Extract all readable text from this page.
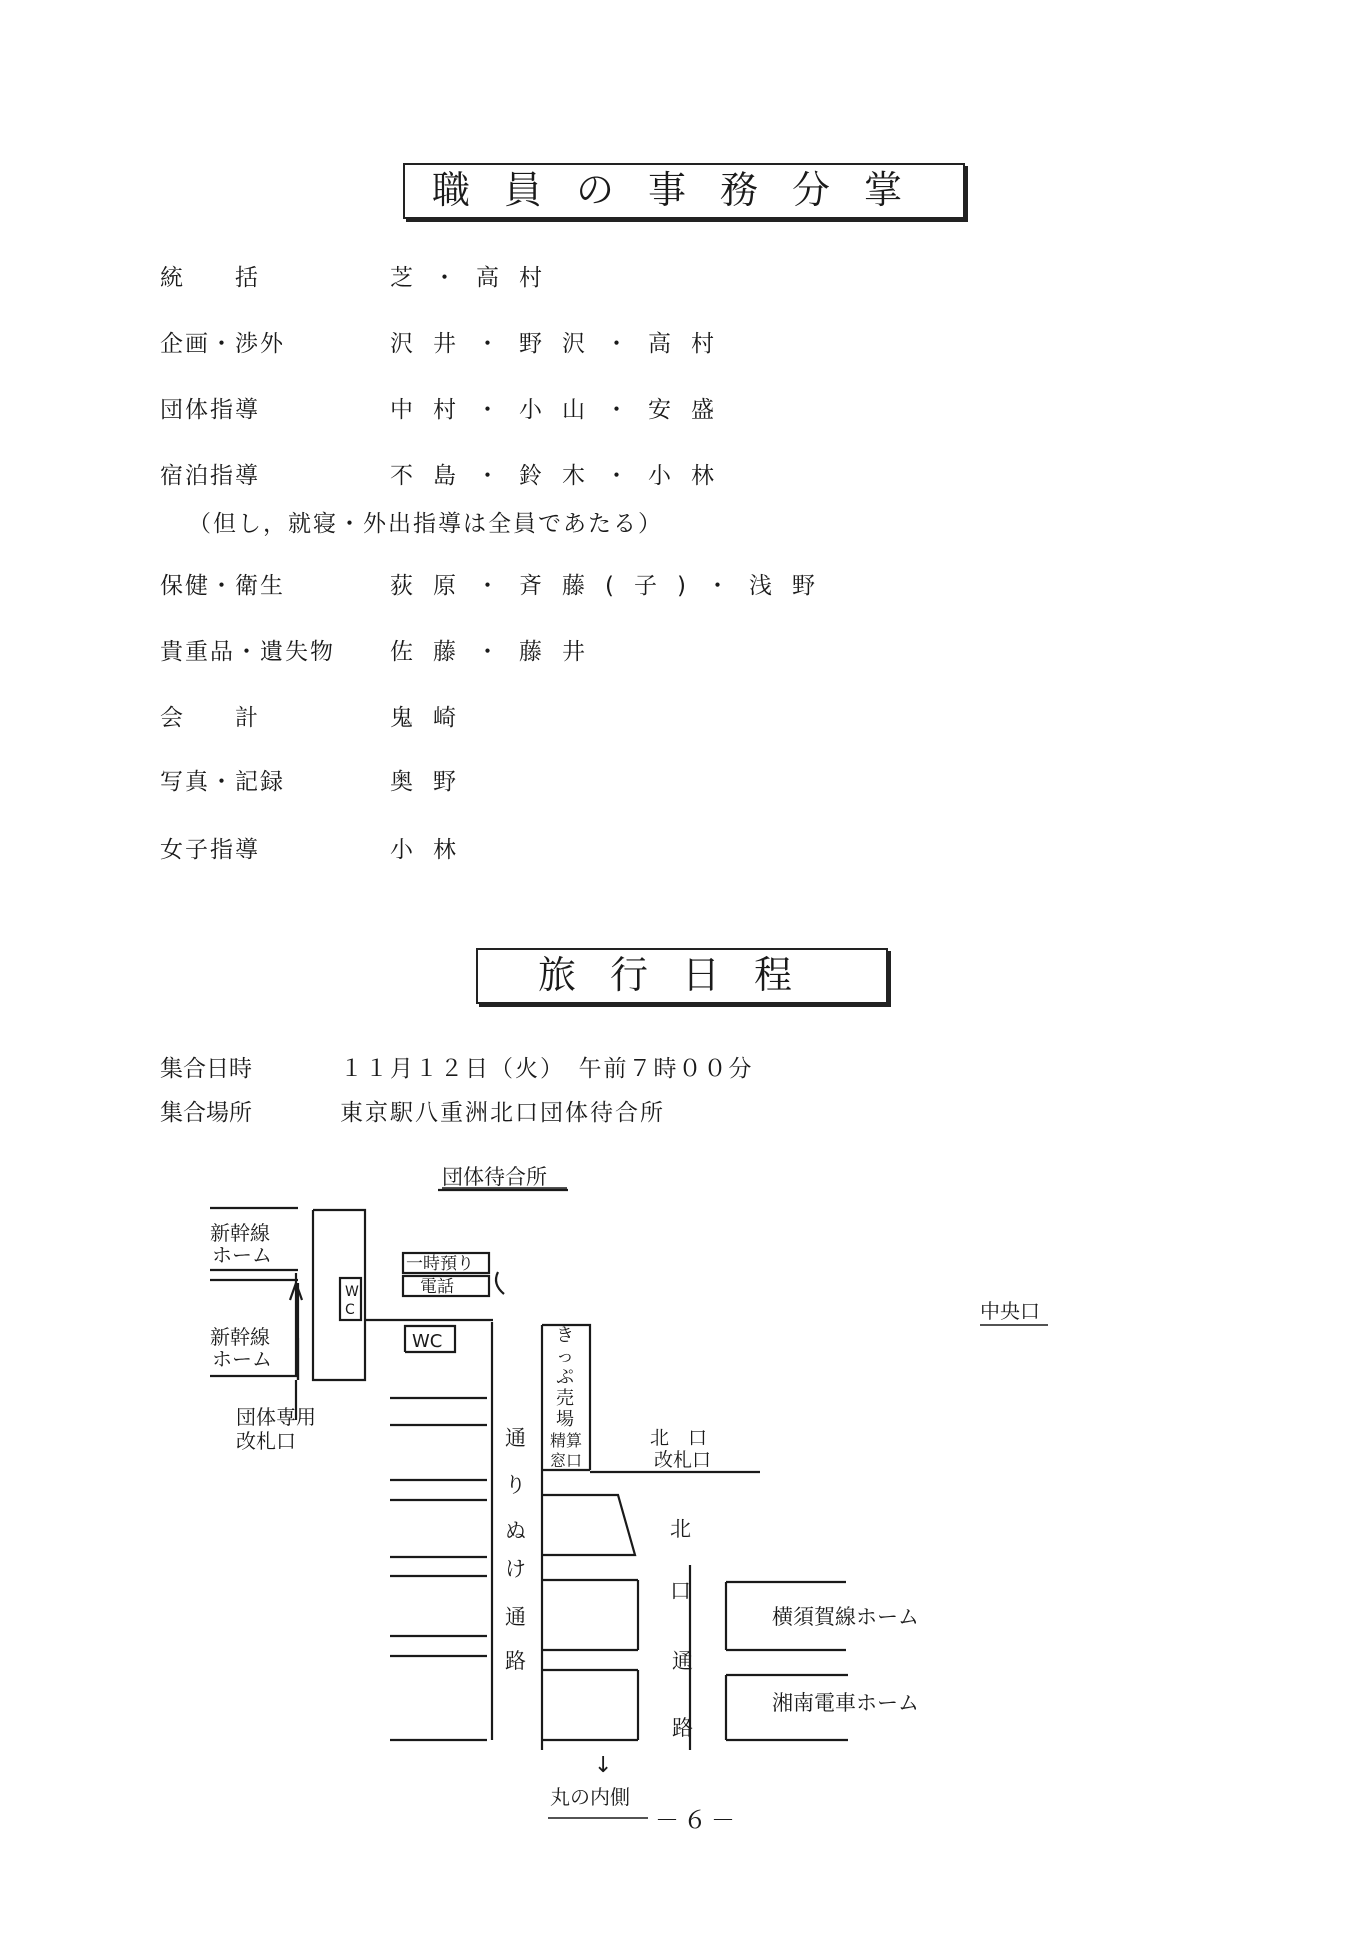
職員の事務分掌
統　　括	芝・高村
企画・渉外	沢井・野沢・高村
団体指導	中村・小山・安盛
宿泊指導	不島・鈴木・小林
（但し，就寝・外出指導は全員であたる）
保健・衛生	荻原・斉藤(子)・浅野
貴重品・遺失物	佐藤・藤井
会　　計	鬼崎
写真・記録	奥野
女子指導	小林
旅行日程
集合日時	１１月１２日（火）　午前７時００分
集合場所	東京駅八重洲北口団体待合所
団体待合所
新幹線
ホーム
新幹線
ホーム
団体専用
改札口
W
C
一時預り
電話
WC
通
り
ぬ
け
通
路
き
っ
ぷ
売
場
精算
窓口
北　口
改札口
北
口
通
路
中央口
横須賀線ホーム
湘南電車ホーム
↓
丸の内側
－６－
